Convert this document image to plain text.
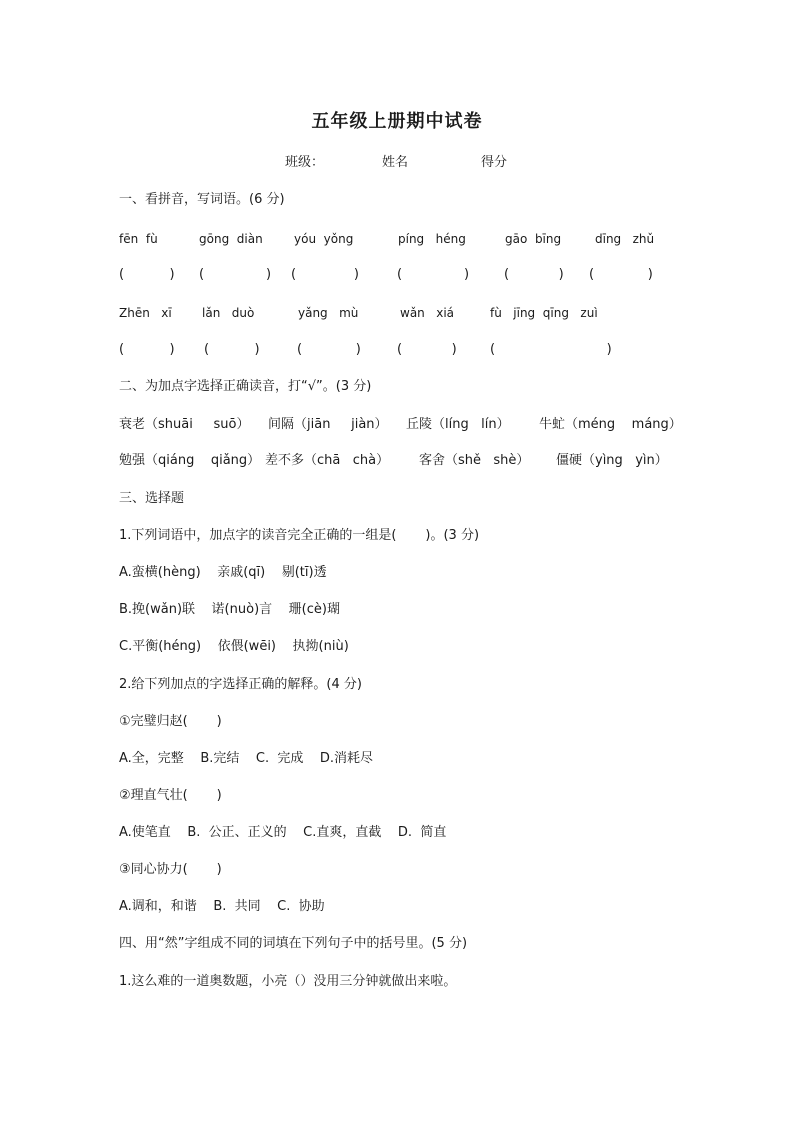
五年级上册期中试卷
班级：	姓名	得分
一、看拼音，写词语。(6 分)
fēn  fù	gōng  diàn	yóu  yǒng	píng   héng	gāo  bīng	dīng   zhǔ
(           ) (               ) (              )	(               )	(            ) (             )
Zhēn   xī	lǎn   duò	yǎng   mù	wǎn   xiá	fù   jīng  qīng   zuì
(           ) (           )	(             )	(            )	(                           )
二、为加点字选择正确读音，打“√”。(3 分)
衰老（shuāi     suō） 间隔（jiān     jiàn） 丘陵（líng   lín） 牛虻（méng    máng）
勉强（qiáng    qiǎng） 差不多（chā   chà） 客舍（shě   shè） 僵硬（yìng   yìn）
三、选择题
1.下列词语中，加点字的读音完全正确的一组是(       )。(3 分)
A.蛮横(hèng)    亲戚(qī)    剔(tī)透
B.挽(wǎn)联    诺(nuò)言    珊(cè)瑚
C.平衡(héng)    依偎(wēi)    执拗(niù)
2.给下列加点的字选择正确的解释。(4 分)
①完璧归赵(       )
A.全，完整    B.完结    C.  完成    D.消耗尽
②理直气壮(       )
A.使笔直    B.  公正、正义的    C.直爽，直截    D.  简直
③同心协力(       )
A.调和，和谐    B.  共同    C.  协助
四、用“然”字组成不同的词填在下列句子中的括号里。(5 分)
1.这么难的一道奥数题，小亮（）没用三分钟就做出来啦。
